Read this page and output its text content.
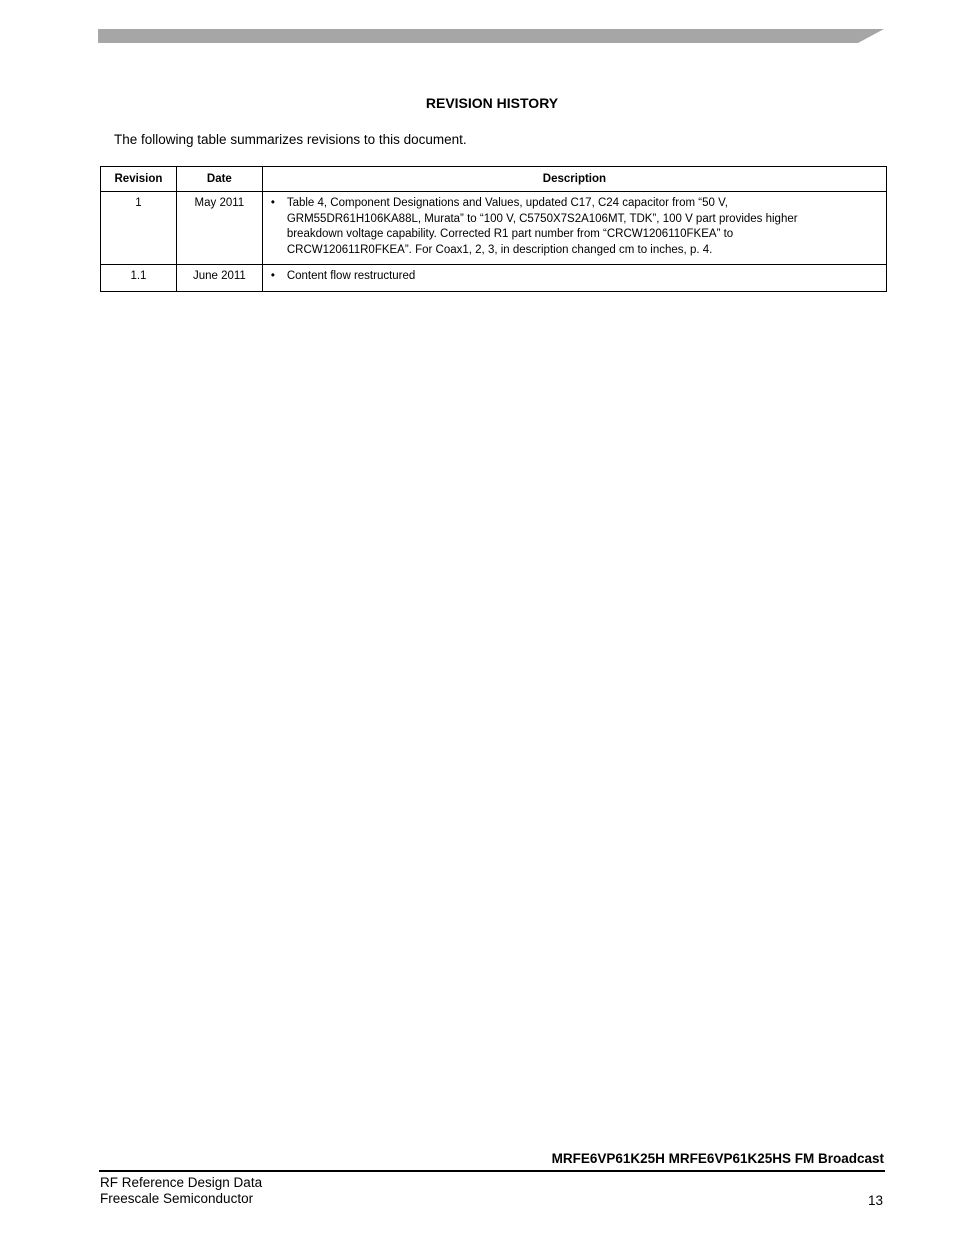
REVISION HISTORY
The following table summarizes revisions to this document.
Revision	Date	Description
1	May 2011	• Table 4, Component Designations and Values, updated C17, C24 capacitor from “50 V,
GRM55DR61H106KA88L, Murata” to “100 V, C5750X7S2A106MT, TDK”, 100 V part provides higher
breakdown voltage capability. Corrected R1 part number from “CRCW1206110FKEA” to
CRCW120611R0FKEA”. For Coax1, 2, 3, in description changed cm to inches, p. 4.

1.1	June 2011	• Content flow restructured
MRFE6VP61K25H MRFE6VP61K25HS FM Broadcast
RF Reference Design Data
Freescale Semiconductor	13
